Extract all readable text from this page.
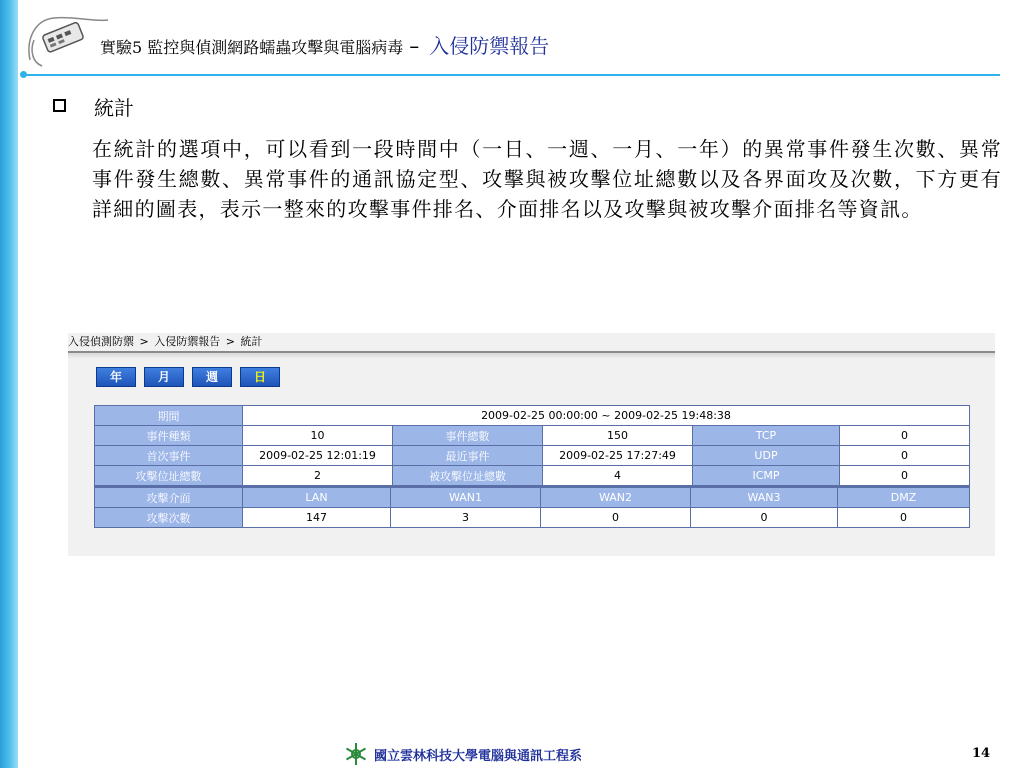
實驗5 監控與偵測網路蠕蟲攻擊與電腦病毒 – 入侵防禦報告
統計
在統計的選項中，可以看到一段時間中（一日、一週、一月、一年）的異常事件發生次數、異常事件發生總數、異常事件的通訊協定型、攻擊與被攻擊位址總數以及各界面攻及次數，下方更有詳細的圖表，表示一整來的攻擊事件排名、介面排名以及攻擊與被攻擊介面排名等資訊。
入侵偵測防禦 > 入侵防禦報告 > 統計
年	月	週	日
期間	2009-02-25 00:00:00 ~ 2009-02-25 19:48:38								
事件種類	10		事件總數		150		TCP		0
首次事件	2009-02-25 12:01:19		最近事件		2009-02-25 17:27:49		UDP		0
攻擊位址總數	2		被攻擊位址總數		4		ICMP		0
攻擊介面	LAN	WAN1		WAN2		WAN3		DMZ	
攻擊次數	147	3		0		0		0	
國立雲林科技大學電腦與通訊工程系	14
